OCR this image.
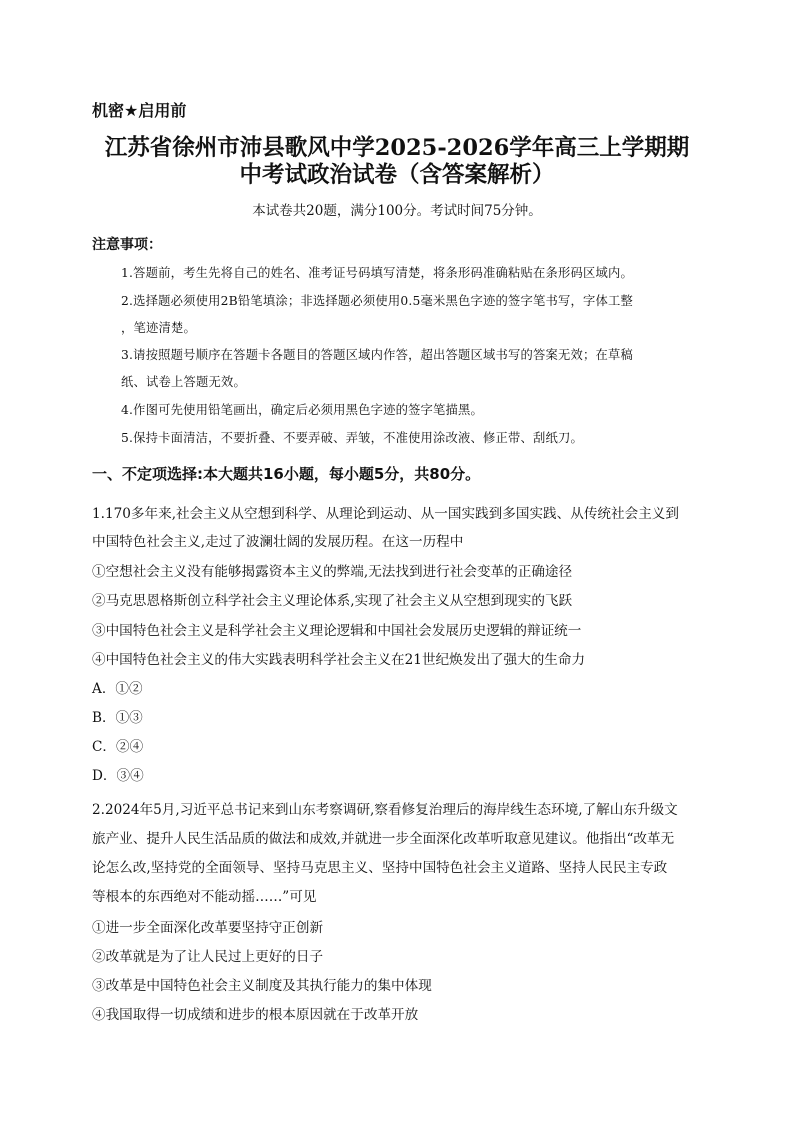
机密★启用前
江苏省徐州市沛县歌风中学2025-2026学年高三上学期期
中考试政治试卷（含答案解析）
本试卷共20题，满分100分。考试时间75分钟。
注意事项：
1.答题前，考生先将自己的姓名、准考证号码填写清楚，将条形码准确粘贴在条形码区域内。
2.选择题必须使用2B铅笔填涂；非选择题必须使用0.5毫米黑色字迹的签字笔书写，字体工整
，笔迹清楚。
3.请按照题号顺序在答题卡各题目的答题区域内作答，超出答题区域书写的答案无效；在草稿
纸、试卷上答题无效。
4.作图可先使用铅笔画出，确定后必须用黑色字迹的签字笔描黑。
5.保持卡面清洁，不要折叠、不要弄破、弄皱，不准使用涂改液、修正带、刮纸刀。
一、不定项选择:本大题共16小题，每小题5分，共80分。
1.170多年来,社会主义从空想到科学、从理论到运动、从一国实践到多国实践、从传统社会主义到
中国特色社会主义,走过了波澜壮阔的发展历程。在这一历程中
①空想社会主义没有能够揭露资本主义的弊端,无法找到进行社会变革的正确途径
②马克思恩格斯创立科学社会主义理论体系,实现了社会主义从空想到现实的飞跃
③中国特色社会主义是科学社会主义理论逻辑和中国社会发展历史逻辑的辩证统一
④中国特色社会主义的伟大实践表明科学社会主义在21世纪焕发出了强大的生命力
A．①②
B．①③
C．②④
D．③④
2.2024年5月,习近平总书记来到山东考察调研,察看修复治理后的海岸线生态环境,了解山东升级文
旅产业、提升人民生活品质的做法和成效,并就进一步全面深化改革听取意见建议。他指出“改革无
论怎么改,坚持党的全面领导、坚持马克思主义、坚持中国特色社会主义道路、坚持人民民主专政
等根本的东西绝对不能动摇……”可见
①进一步全面深化改革要坚持守正创新
②改革就是为了让人民过上更好的日子
③改革是中国特色社会主义制度及其执行能力的集中体现
④我国取得一切成绩和进步的根本原因就在于改革开放
